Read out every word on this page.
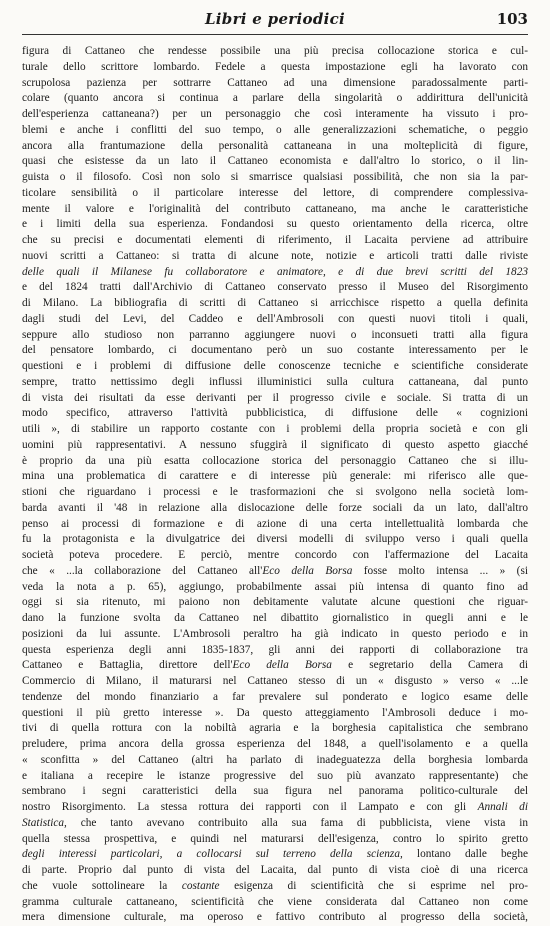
Libri e periodici	103
figura di Cattaneo che rendesse possibile una più precisa collocazione storica e cul-
turale dello scrittore lombardo. Fedele a questa impostazione egli ha lavorato con
scrupolosa pazienza per sottrarre Cattaneo ad una dimensione paradossalmente parti-
colare (quanto ancora si continua a parlare della singolarità o addirittura dell'unicità
dell'esperienza cattaneana?) per un personaggio che così interamente ha vissuto i pro-
blemi e anche i conflitti del suo tempo, o alle generalizzazioni schematiche, o peggio
ancora alla frantumazione della personalità cattaneana in una molteplicità di figure,
quasi che esistesse da un lato il Cattaneo economista e dall'altro lo storico, o il lin-
guista o il filosofo. Così non solo si smarrisce qualsiasi possibilità, che non sia la par-
ticolare sensibilità o il particolare interesse del lettore, di comprendere complessiva-
mente il valore e l'originalità del contributo cattaneano, ma anche le caratteristiche
e i limiti della sua esperienza. Fondandosi su questo orientamento della ricerca, oltre
che su precisi e documentati elementi di riferimento, il Lacaita perviene ad attribuire
nuovi scritti a Cattaneo: si tratta di alcune note, notizie e articoli tratti dalle riviste
delle quali il Milanese fu collaboratore e animatore, e di due brevi scritti del 1823
e del 1824 tratti dall'Archivio di Cattaneo conservato presso il Museo del Risorgimento
di Milano. La bibliografia di scritti di Cattaneo si arricchisce rispetto a quella definita
dagli studi del Levi, del Caddeo e dell'Ambrosoli con questi nuovi titoli i quali,
seppure allo studioso non parranno aggiungere nuovi o inconsueti tratti alla figura
del pensatore lombardo, ci documentano però un suo costante interessamento per le
questioni e i problemi di diffusione delle conoscenze tecniche e scientifiche considerate
sempre, tratto nettissimo degli influssi illuministici sulla cultura cattaneana, dal punto
di vista dei risultati da esse derivanti per il progresso civile e sociale. Si tratta di un
modo specifico, attraverso l'attività pubblicistica, di diffusione delle « cognizioni
utili », di stabilire un rapporto costante con i problemi della propria società e con gli
uomini più rappresentativi. A nessuno sfuggirà il significato di questo aspetto giacché
è proprio da una più esatta collocazione storica del personaggio Cattaneo che si illu-
mina una problematica di carattere e di interesse più generale: mi riferisco alle que-
stioni che riguardano i processi e le trasformazioni che si svolgono nella società lom-
barda avanti il '48 in relazione alla dislocazione delle forze sociali da un lato, dall'altro
penso ai processi di formazione e di azione di una certa intellettualità lombarda che
fu la protagonista e la divulgatrice dei diversi modelli di sviluppo verso i quali quella
società poteva procedere. E perciò, mentre concordo con l'affermazione del Lacaita
che « ...la collaborazione del Cattaneo all'Eco della Borsa fosse molto intensa ... » (si
veda la nota a p. 65), aggiungo, probabilmente assai più intensa di quanto fino ad
oggi si sia ritenuto, mi paiono non debitamente valutate alcune questioni che riguar-
dano la funzione svolta da Cattaneo nel dibattito giornalistico in quegli anni e le
posizioni da lui assunte. L'Ambrosoli peraltro ha già indicato in questo periodo e in
questa esperienza degli anni 1835-1837, gli anni dei rapporti di collaborazione tra
Cattaneo e Battaglia, direttore dell'Eco della Borsa e segretario della Camera di
Commercio di Milano, il maturarsi nel Cattaneo stesso di un « disgusto » verso « ...le
tendenze del mondo finanziario a far prevalere sul ponderato e logico esame delle
questioni il più gretto interesse ». Da questo atteggiamento l'Ambrosoli deduce i mo-
tivi di quella rottura con la nobiltà agraria e la borghesia capitalistica che sembrano
preludere, prima ancora della grossa esperienza del 1848, a quell'isolamento e a quella
« sconfitta » del Cattaneo (altri ha parlato di inadeguatezza della borghesia lombarda
e italiana a recepire le istanze progressive del suo più avanzato rappresentante) che
sembrano i segni caratteristici della sua figura nel panorama politico-culturale del
nostro Risorgimento. La stessa rottura dei rapporti con il Lampato e con gli Annali di
Statistica, che tanto avevano contribuito alla sua fama di pubblicista, viene vista in
quella stessa prospettiva, e quindi nel maturarsi dell'esigenza, contro lo spirito gretto
degli interessi particolari, a collocarsi sul terreno della scienza, lontano dalle beghe
di parte. Proprio dal punto di vista del Lacaita, dal punto di vista cioè di una ricerca
che vuole sottolineare la costante esigenza di scientificità che si esprime nel pro-
gramma culturale cattaneano, scientificità che viene considerata dal Cattaneo non come
mera dimensione culturale, ma operoso e fattivo contributo al progresso della società,
